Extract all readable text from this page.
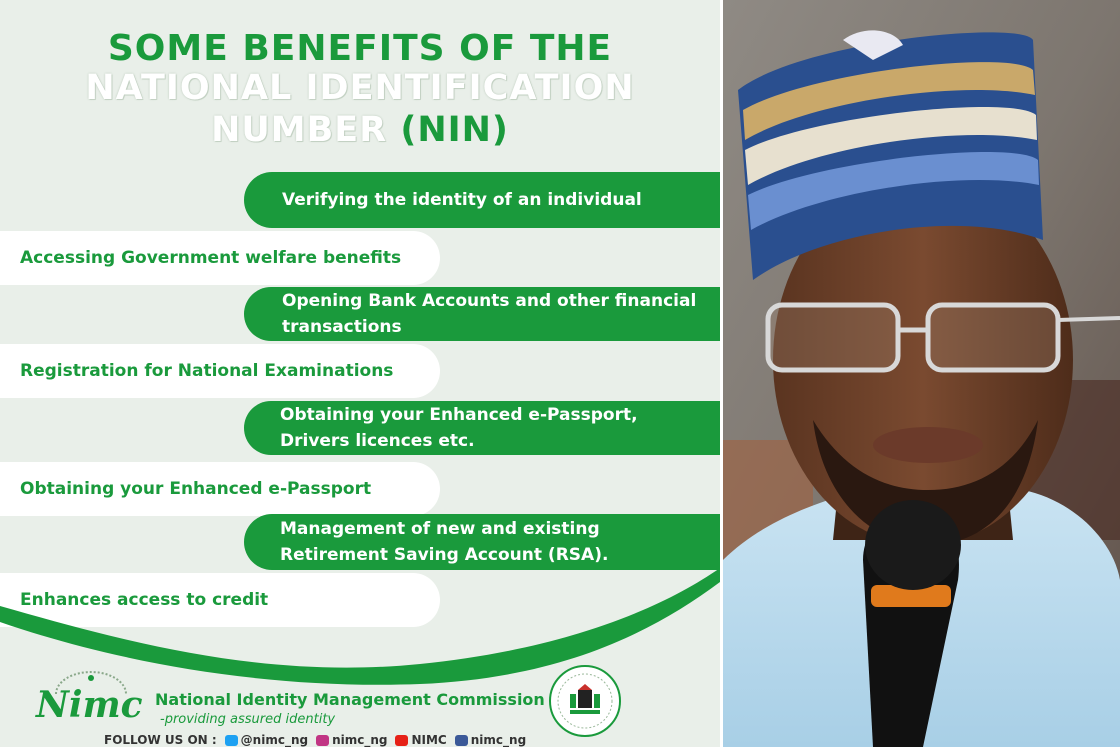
SOME BENEFITS OF THE
NATIONAL IDENTIFICATION
NUMBER (NIN)
Verifying the identity of an individual
Accessing Government welfare benefits
Opening Bank Accounts and other financial transactions
Registration for National Examinations
Obtaining your Enhanced e-Passport, Drivers licences etc.
Obtaining your Enhanced e-Passport
Management of new and existing Retirement Saving Account (RSA).
Enhances access to credit
Nimc National Identity Management Commission
-providing assured identity
FOLLOW US ON : @nimc_ng nimc_ng NIMC nimc_ng
